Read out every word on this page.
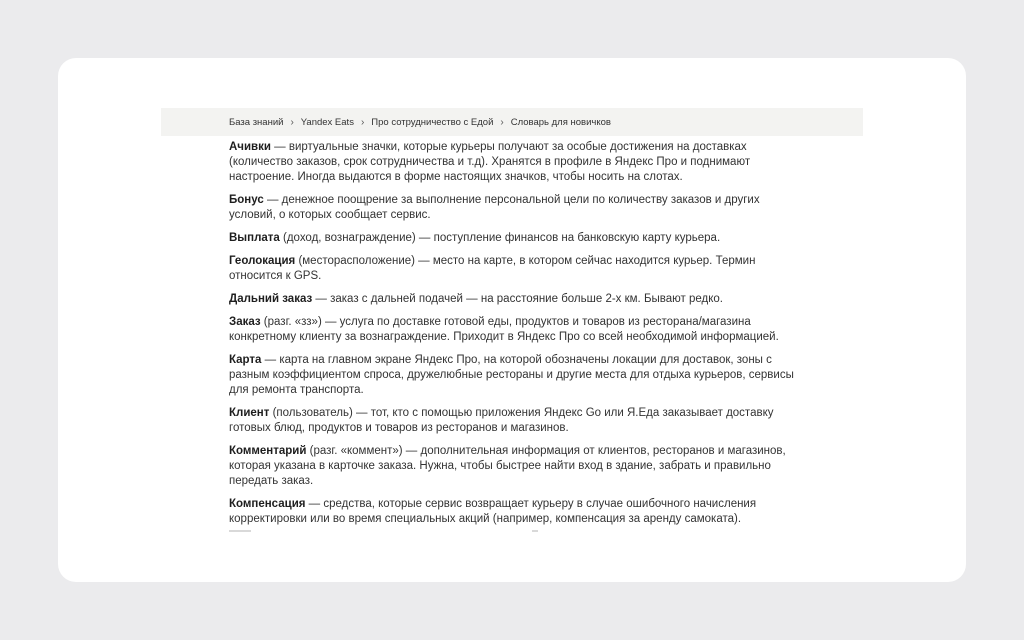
База знаний › Yandex Eats › Про сотрудничество с Едой › Словарь для новичков

Ачивки — виртуальные значки, которые курьеры получают за особые достижения на доставках (количество заказов, срок сотрудничества и т.д). Хранятся в профиле в Яндекс Про и поднимают настроение. Иногда выдаются в форме настоящих значков, чтобы носить на слотах.

Бонус — денежное поощрение за выполнение персональной цели по количеству заказов и других условий, о которых сообщает сервис.

Выплата (доход, вознаграждение) — поступление финансов на банковскую карту курьера.

Геолокация (месторасположение) — место на карте, в котором сейчас находится курьер. Термин относится к GPS.

Дальний заказ — заказ с дальней подачей — на расстояние больше 2-х км. Бывают редко.

Заказ (разг. «зз») — услуга по доставке готовой еды, продуктов и товаров из ресторана/магазина конкретному клиенту за вознаграждение. Приходит в Яндекс Про со всей необходимой информацией.

Карта — карта на главном экране Яндекс Про, на которой обозначены локации для доставок, зоны с разным коэффициентом спроса, дружелюбные рестораны и другие места для отдыха курьеров, сервисы для ремонта транспорта.

Клиент (пользователь) — тот, кто с помощью приложения Яндекс Go или Я.Еда заказывает доставку готовых блюд, продуктов и товаров из ресторанов и магазинов.

Комментарий (разг. «коммент») — дополнительная информация от клиентов, ресторанов и магазинов, которая указана в карточке заказа. Нужна, чтобы быстрее найти вход в здание, забрать и правильно передать заказ.

Компенсация — средства, которые сервис возвращает курьеру в случае ошибочного начисления корректировки или во время специальных акций (например, компенсация за аренду самоката).
